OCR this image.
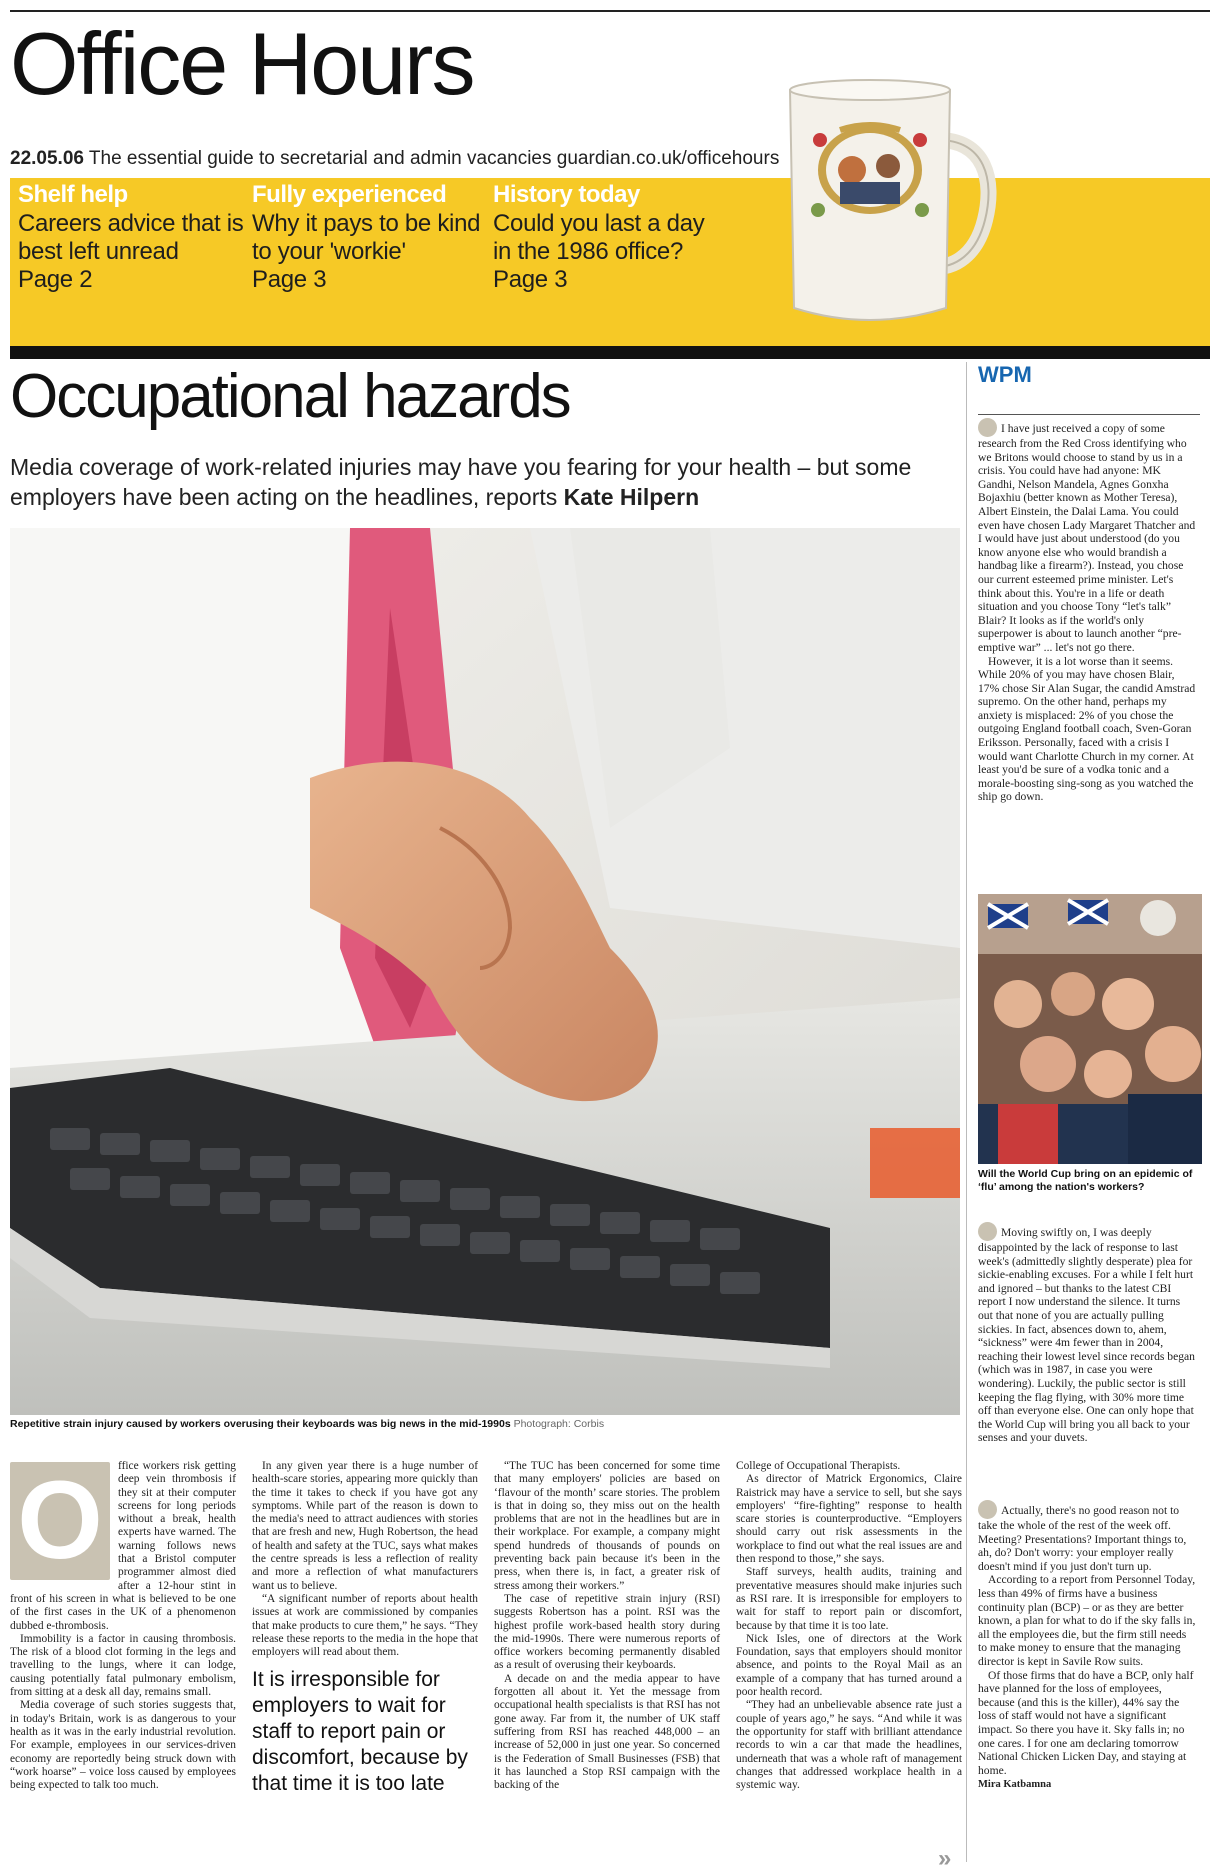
Office Hours
22.05.06 The essential guide to secretarial and admin vacancies guardian.co.uk/officehours
Shelf help
Careers advice that is best left unread
Page 2
Fully experienced
Why it pays to be kind to your 'workie'
Page 3
History today
Could you last a day in the 1986 office?
Page 3
Occupational hazards
Media coverage of work-related injuries may have you fearing for your health – but some employers have been acting on the headlines, reports Kate Hilpern
Repetitive strain injury caused by workers overusing their keyboards was big news in the mid-1990s Photograph: Corbis
O	ffice workers risk getting deep vein thrombosis if they sit at their computer screens for long periods without a break, health experts have warned. The warning follows news that a Bristol computer programmer almost died after a 12-hour stint in front of his screen in what is believed to be one of the first cases in the UK of a phenomenon dubbed e-thrombosis.

Immobility is a factor in causing thrombosis. The risk of a blood clot forming in the legs and travelling to the lungs, where it can lodge, causing potentially fatal pulmonary embolism, from sitting at a desk all day, remains small.

Media coverage of such stories suggests that, in today's Britain, work is as dangerous to your health as it was in the early industrial revolution. For example, employees in our services-driven economy are reportedly being struck down with “work hoarse” – voice loss caused by employees being expected to talk too much.

In any given year there is a huge number of health-scare stories, appearing more quickly than the time it takes to check if you have got any symptoms. While part of the reason is down to the media's need to attract audiences with stories that are fresh and new, Hugh Robertson, the head of health and safety at the TUC, says what makes the centre spreads is less a reflection of reality and more a reflection of what manufacturers want us to believe.

“A significant number of reports about health issues at work are commissioned by companies that make products to cure them,” he says. “They release these reports to the media in the hope that employers will read about them.

It is irresponsible for employers to wait for staff to report pain or discomfort, because by that time it is too late

“The TUC has been concerned for some time that many employers' policies are based on ‘flavour of the month’ scare stories. The problem is that in doing so, they miss out on the health problems that are not in the headlines but are in their workplace. For example, a company might spend hundreds of thousands of pounds on preventing back pain because it's been in the press, when there is, in fact, a greater risk of stress among their workers.”

The case of repetitive strain injury (RSI) suggests Robertson has a point. RSI was the highest profile work-based health story during the mid-1990s. There were numerous reports of office workers becoming permanently disabled as a result of overusing their keyboards.

A decade on and the media appear to have forgotten all about it. Yet the message from occupational health specialists is that RSI has not gone away. Far from it, the number of UK staff suffering from RSI has reached 448,000 – an increase of 52,000 in just one year. So concerned is the Federation of Small Businesses (FSB) that it has launched a Stop RSI campaign with the backing of the

College of Occupational Therapists.

As director of Matrick Ergonomics, Claire Raistrick may have a service to sell, but she says employers' “fire-fighting” response to health scare stories is counterproductive. “Employers should carry out risk assessments in the workplace to find out what the real issues are and then respond to those,” she says.

Staff surveys, health audits, training and preventative measures should make injuries such as RSI rare. It is irresponsible for employers to wait for staff to report pain or discomfort, because by that time it is too late.

Nick Isles, one of directors at the Work Foundation, says that employers should monitor absence, and points to the Royal Mail as an example of a company that has turned around a poor health record.

“They had an unbelievable absence rate just a couple of years ago,” he says. “And while it was the opportunity for staff with brilliant attendance records to win a car that made the headlines, underneath that was a whole raft of management changes that addressed workplace health in a systemic way.

»
WPM

I have just received a copy of some research from the Red Cross identifying who we Britons would choose to stand by us in a crisis. You could have had anyone: MK Gandhi, Nelson Mandela, Agnes Gonxha Bojaxhiu (better known as Mother Teresa), Albert Einstein, the Dalai Lama. You could even have chosen Lady Margaret Thatcher and I would have just about understood (do you know anyone else who would brandish a handbag like a firearm?). Instead, you chose our current esteemed prime minister. Let's think about this. You're in a life or death situation and you choose Tony “let's talk” Blair? It looks as if the world's only superpower is about to launch another “pre-emptive war” ... let's not go there.

However, it is a lot worse than it seems. While 20% of you may have chosen Blair, 17% chose Sir Alan Sugar, the candid Amstrad supremo. On the other hand, perhaps my anxiety is misplaced: 2% of you chose the outgoing England football coach, Sven-Goran Eriksson. Personally, faced with a crisis I would want Charlotte Church in my corner. At least you'd be sure of a vodka tonic and a morale-boosting sing-song as you watched the ship go down.

Will the World Cup bring on an epidemic of ‘flu’ among the nation's workers?

Moving swiftly on, I was deeply disappointed by the lack of response to last week's (admittedly slightly desperate) plea for sickie-enabling excuses. For a while I felt hurt and ignored – but thanks to the latest CBI report I now understand the silence. It turns out that none of you are actually pulling sickies. In fact, absences down to, ahem, “sickness” were 4m fewer than in 2004, reaching their lowest level since records began (which was in 1987, in case you were wondering). Luckily, the public sector is still keeping the flag flying, with 30% more time off than everyone else. One can only hope that the World Cup will bring you all back to your senses and your duvets.

Actually, there's no good reason not to take the whole of the rest of the week off. Meeting? Presentations? Important things to, ah, do? Don't worry: your employer really doesn't mind if you just don't turn up.

According to a report from Personnel Today, less than 49% of firms have a business continuity plan (BCP) – or as they are better known, a plan for what to do if the sky falls in, all the employees die, but the firm still needs to make money to ensure that the managing director is kept in Savile Row suits.

Of those firms that do have a BCP, only half have planned for the loss of employees, because (and this is the killer), 44% say the loss of staff would not have a significant impact. So there you have it. Sky falls in; no one cares. I for one am declaring tomorrow National Chicken Licken Day, and staying at home.

Mira Katbamna
